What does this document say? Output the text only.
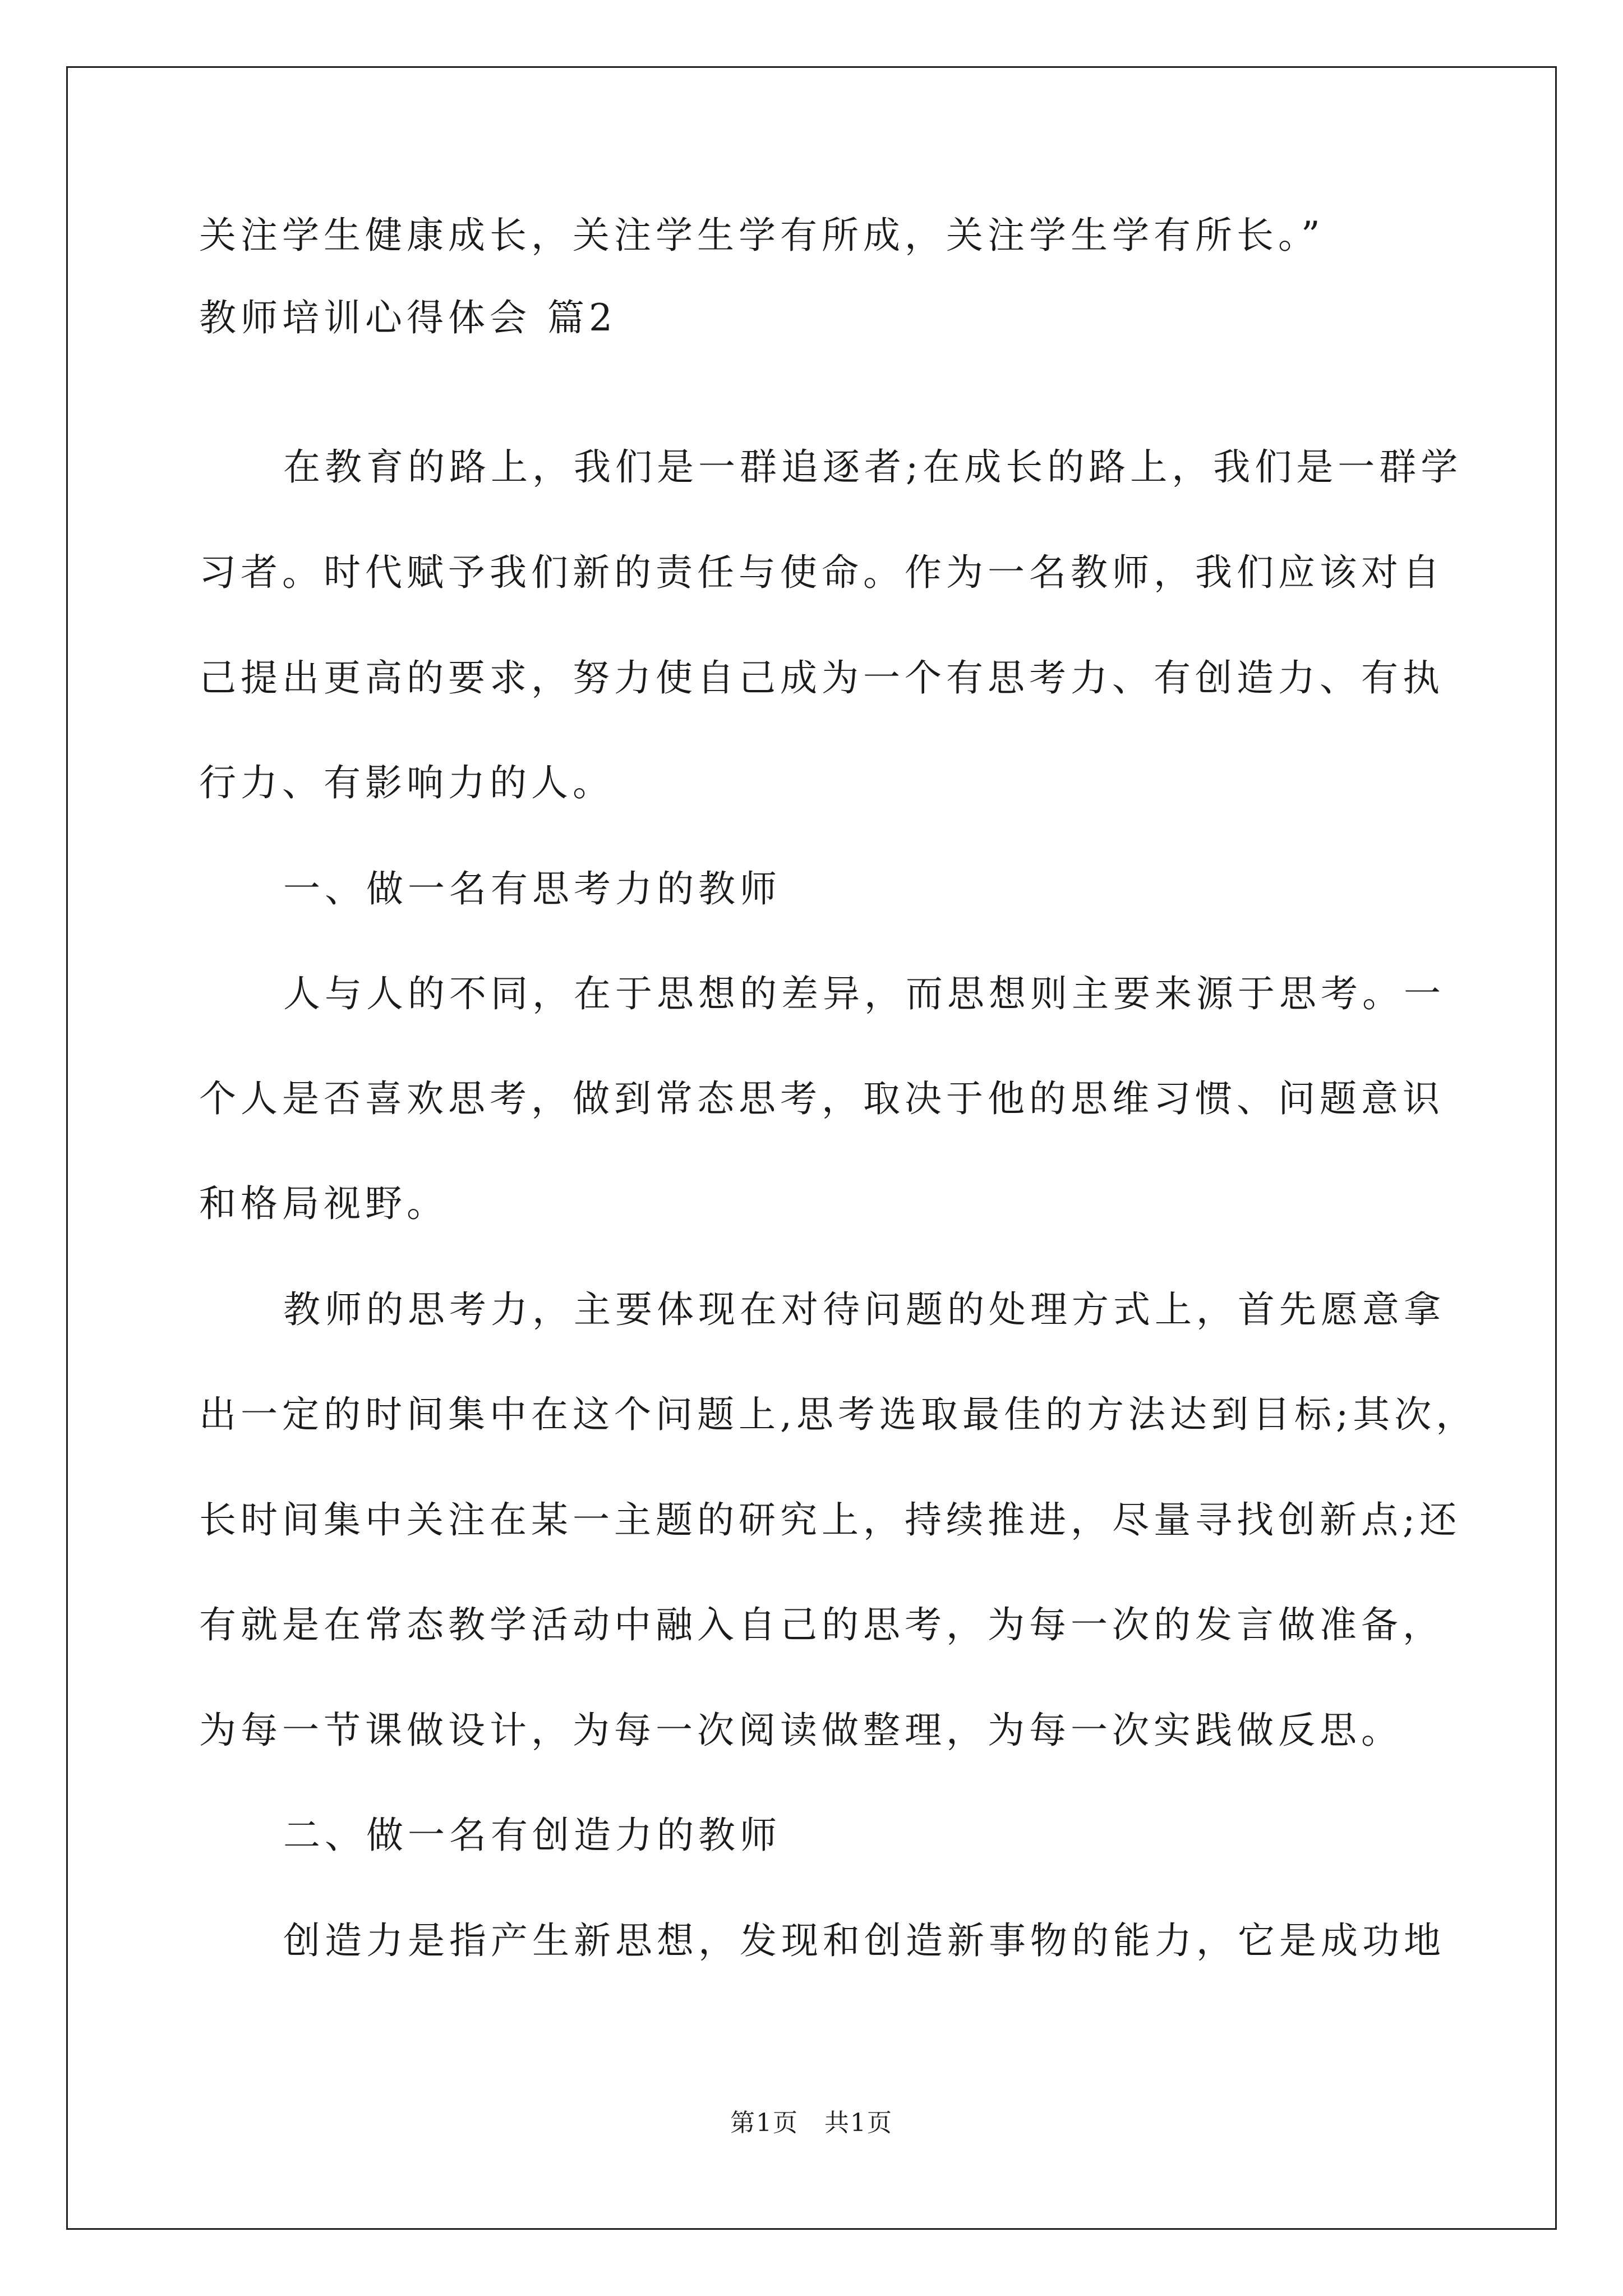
关注学生健康成长，关注学生学有所成，关注学生学有所长。”
教师培训心得体会 篇2
在教育的路上，我们是一群追逐者;在成长的路上，我们是一群学
习者。时代赋予我们新的责任与使命。作为一名教师，我们应该对自
己提出更高的要求，努力使自己成为一个有思考力、有创造力、有执
行力、有影响力的人。
一、做一名有思考力的教师
人与人的不同，在于思想的差异，而思想则主要来源于思考。一
个人是否喜欢思考，做到常态思考，取决于他的思维习惯、问题意识
和格局视野。
教师的思考力，主要体现在对待问题的处理方式上，首先愿意拿
出一定的时间集中在这个问题上,思考选取最佳的方法达到目标;其次，
长时间集中关注在某一主题的研究上，持续推进，尽量寻找创新点;还
有就是在常态教学活动中融入自己的思考，为每一次的发言做准备，
为每一节课做设计，为每一次阅读做整理，为每一次实践做反思。
二、做一名有创造力的教师
创造力是指产生新思想，发现和创造新事物的能力，它是成功地
第1页　共1页
